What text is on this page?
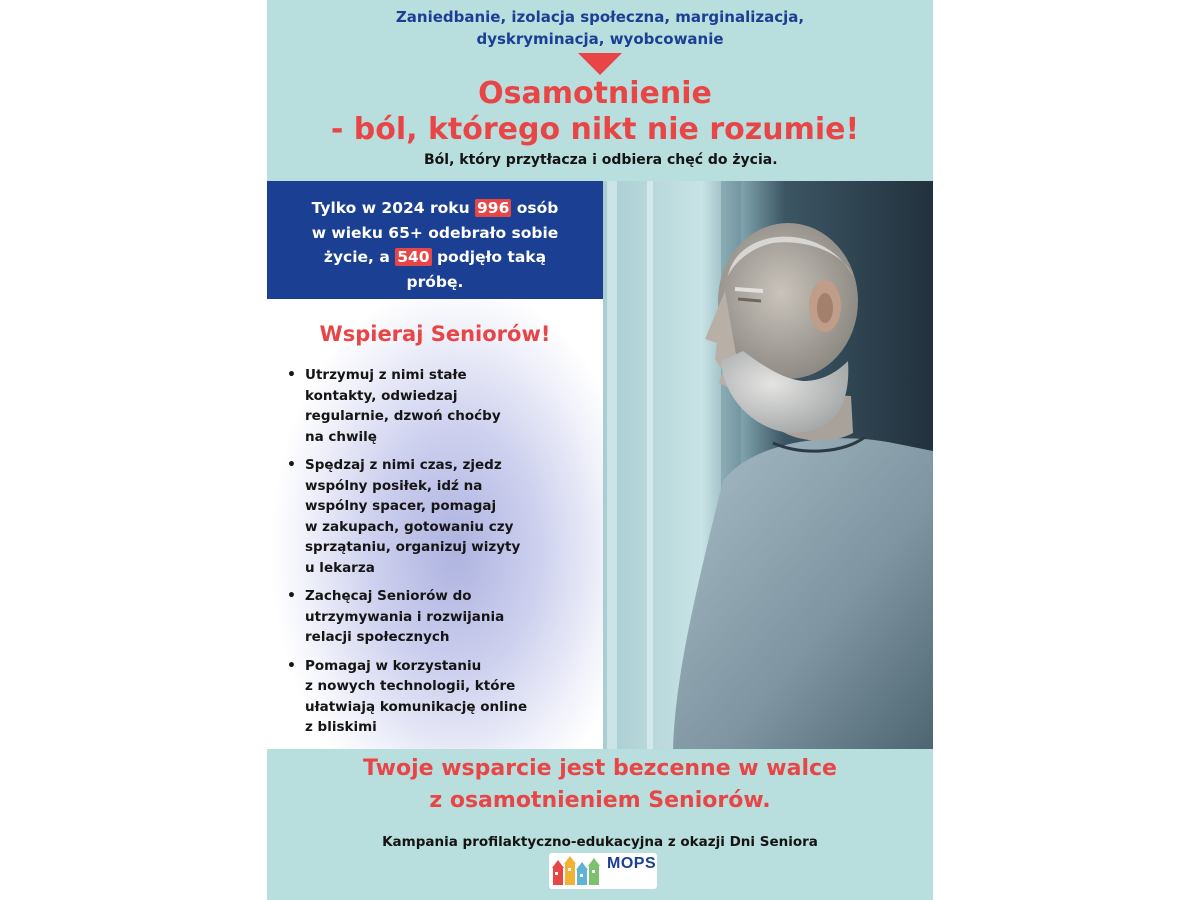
Zaniedbanie, izolacja społeczna, marginalizacja,
dyskryminacja, wyobcowanie
Osamotnienie
- ból, którego nikt nie rozumie!
Ból, który przytłacza i odbiera chęć do życia.
Tylko w 2024 roku 996 osób
w wieku 65+ odebrało sobie
życie, a 540 podjęło taką
próbę.
Wspieraj Seniorów!
• Utrzymuj z nimi stałe
kontakty, odwiedzaj
regularnie, dzwoń choćby
na chwilę
• Spędzaj z nimi czas, zjedz
wspólny posiłek, idź na
wspólny spacer, pomagaj
w zakupach, gotowaniu czy
sprzątaniu, organizuj wizyty
u lekarza
• Zachęcaj Seniorów do
utrzymywania i rozwijania
relacji społecznych
• Pomagaj w korzystaniu
z nowych technologii, które
ułatwiają komunikację online
z bliskimi
Twoje wsparcie jest bezcenne w walce
z osamotnieniem Seniorów.
Kampania profilaktyczno-edukacyjna z okazji Dni Seniora
MOPS
